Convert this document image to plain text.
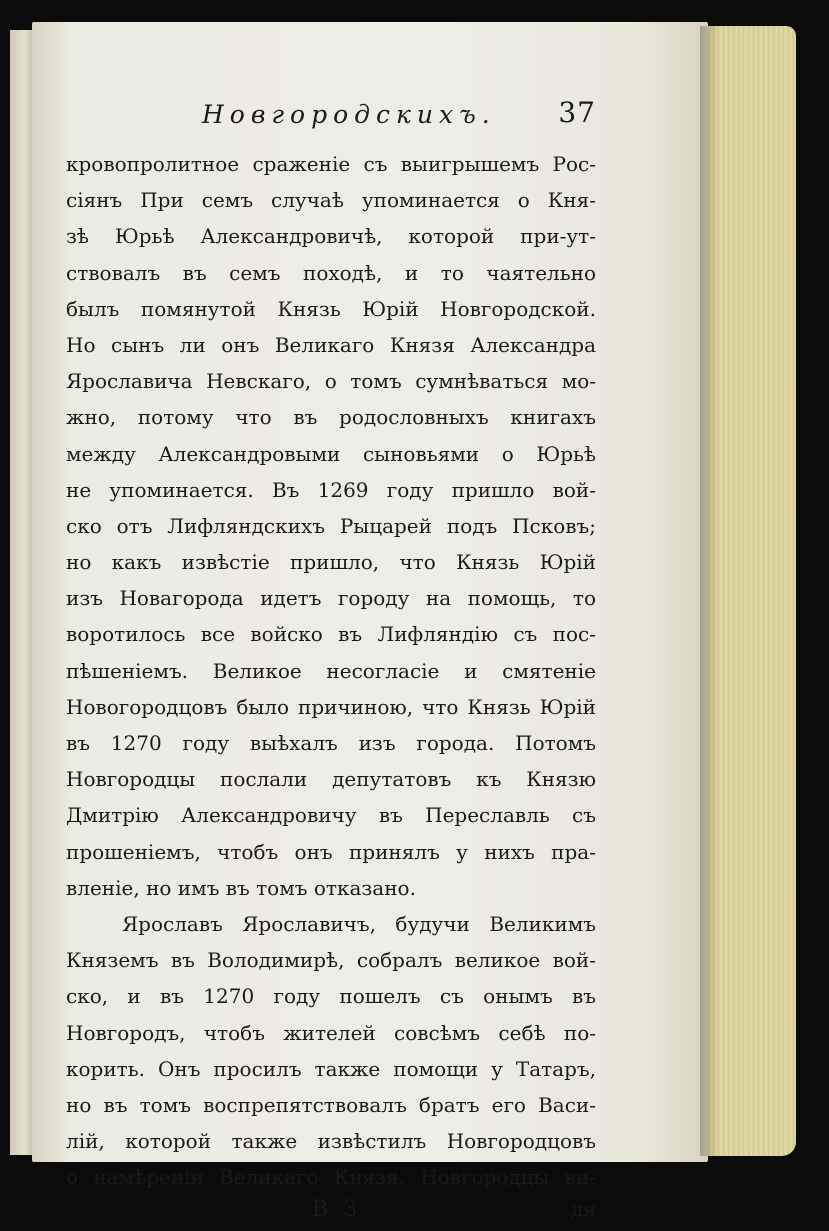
Новгородскихъ. 37
кровопролитное сраженіе съ выигрышемъ Рос-
сіянъ При семъ случаѣ упоминается о Кня-
зѣ Юрьѣ Александровичѣ, которой при-ут-
ствовалъ въ семъ походѣ, и то чаятельно
былъ помянутой Князь Юрій Новгородской.
Но сынъ ли онъ Великаго Князя Александра
Ярославича Невскаго, о томъ сумнѣваться мо-
жно, потому что въ родословныхъ книгахъ
между Александровыми сыновьями о Юрьѣ
не упоминается. Въ 1269 году пришло вой-
ско отъ Лифляндскихъ Рыцарей подъ Псковъ;
но какъ извѣстіе пришло, что Князь Юрій
изъ Новагорода идетъ городу на помощь, то
воротилось все войско въ Лифляндію съ пос-
пѣшеніемъ. Великое несогласіе и смятеніе
Новогородцовъ было причиною, что Князь Юрій
въ 1270 году выѣхалъ изъ города. Потомъ
Новгородцы послали депутатовъ къ Князю
Дмитрію Александровичу въ Переславль съ
прошеніемъ, чтобъ онъ принялъ у нихъ пра-
вленіе, но имъ въ томъ отказано.
Ярославъ Ярославичъ, будучи Великимъ
Княземъ въ Володимирѣ, собралъ великое вой-
ско, и въ 1270 году пошелъ съ онымъ въ
Новгородъ, чтобъ жителей совсѣмъ себѣ по-
корить. Онъ просилъ также помощи у Татаръ,
но въ томъ воспрепятствовалъ братъ его Васи-
лій, которой также извѣстилъ Новгородцовъ
о намѣреніи Великаго Князя. Новгородцы ви-
В 3	дя
